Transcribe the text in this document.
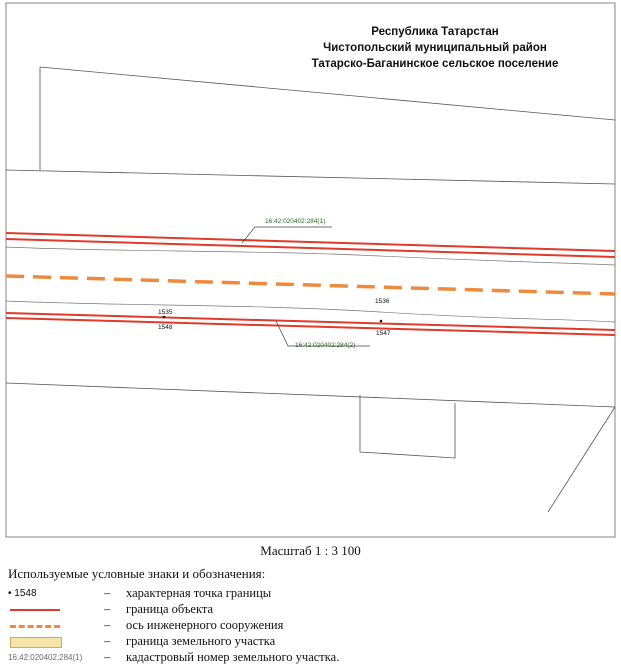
16:42:020402:284(1)
16:42:020402:284(2)
1535
1548
1536
1547
Республика Татарстан
Чистопольский муниципальный район
Татарско-Баганинское сельское поселение
Масштаб 1 : 3 100
Используемые условные знаки и обозначения:
• 1548	– характерная точка границы
– граница объекта
– ось инженерного сооружения
– граница земельного участка
16:42:020402:284(1)	– кадастровый номер земельного участка.
